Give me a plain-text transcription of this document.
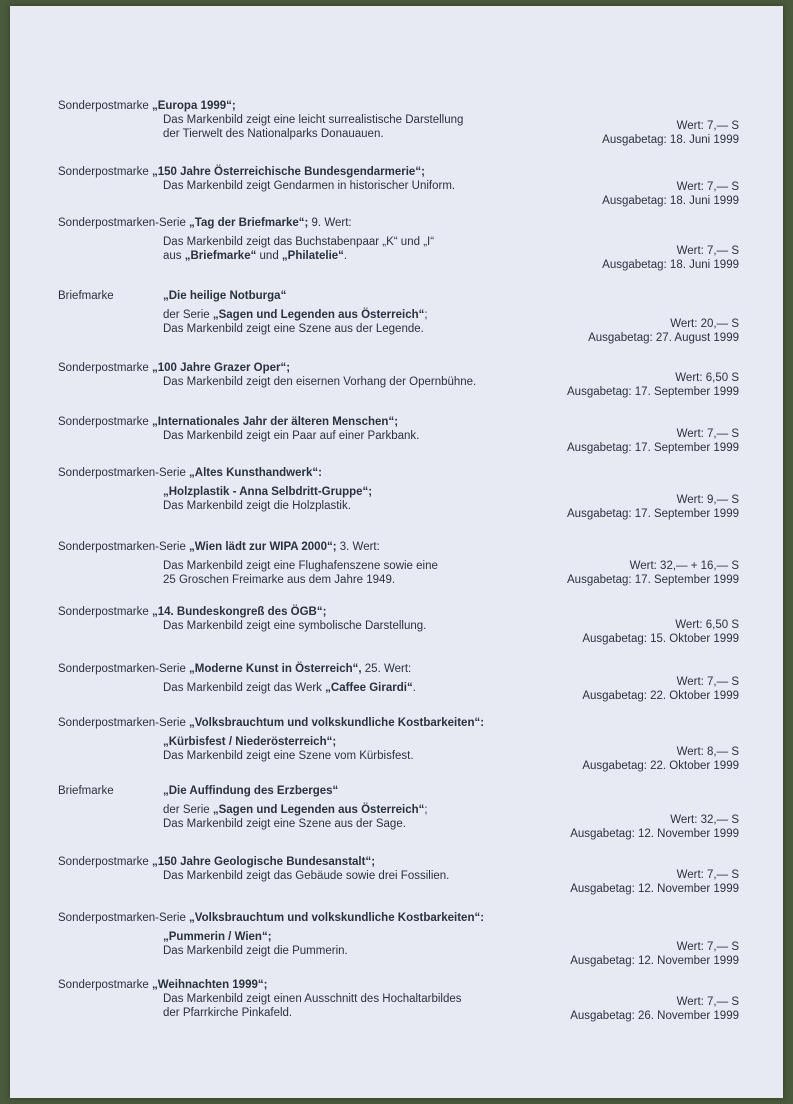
Sonderpostmarke „Europa 1999“;
Das Markenbild zeigt eine leicht surrealistische Darstellung
der Tierwelt des Nationalparks Donauauen.
Wert: 7,— S
Ausgabetag: 18. Juni 1999
Sonderpostmarke „150 Jahre Österreichische Bundesgendarmerie“;
Das Markenbild zeigt Gendarmen in historischer Uniform.	Wert: 7,— S
Ausgabetag: 18. Juni 1999
Sonderpostmarken-Serie „Tag der Briefmarke“; 9. Wert:
Das Markenbild zeigt das Buchstabenpaar „K“ und „I“
aus „Briefmarke“ und „Philatelie“.	Wert: 7,— S
Ausgabetag: 18. Juni 1999
Briefmarke	„Die heilige Notburga“
der Serie „Sagen und Legenden aus Österreich“;
Das Markenbild zeigt eine Szene aus der Legende.	Wert: 20,— S
Ausgabetag: 27. August 1999
Sonderpostmarke „100 Jahre Grazer Oper“;
Das Markenbild zeigt den eisernen Vorhang der Opernbühne.	Wert: 6,50 S
Ausgabetag: 17. September 1999
Sonderpostmarke „Internationales Jahr der älteren Menschen“;
Das Markenbild zeigt ein Paar auf einer Parkbank.	Wert: 7,— S
Ausgabetag: 17. September 1999
Sonderpostmarken-Serie „Altes Kunsthandwerk“:
„Holzplastik - Anna Selbdritt-Gruppe“;
Das Markenbild zeigt die Holzplastik.	Wert: 9,— S
Ausgabetag: 17. September 1999
Sonderpostmarken-Serie „Wien lädt zur WIPA 2000“; 3. Wert:
Das Markenbild zeigt eine Flughafenszene sowie eine
25 Groschen Freimarke aus dem Jahre 1949.
Wert: 32,— + 16,— S
Ausgabetag: 17. September 1999
Sonderpostmarke „14. Bundeskongreß des ÖGB“;
Das Markenbild zeigt eine symbolische Darstellung.	Wert: 6,50 S
Ausgabetag: 15. Oktober 1999
Sonderpostmarken-Serie „Moderne Kunst in Österreich“, 25. Wert:
Das Markenbild zeigt das Werk „Caffee Girardi“.	Wert: 7,— S
Ausgabetag: 22. Oktober 1999
Sonderpostmarken-Serie „Volksbrauchtum und volkskundliche Kostbarkeiten“:
„Kürbisfest / Niederösterreich“;
Das Markenbild zeigt eine Szene vom Kürbisfest.	Wert: 8,— S
Ausgabetag: 22. Oktober 1999
Briefmarke	„Die Auffindung des Erzberges“
der Serie „Sagen und Legenden aus Österreich“;
Das Markenbild zeigt eine Szene aus der Sage.	Wert: 32,— S
Ausgabetag: 12. November 1999
Sonderpostmarke „150 Jahre Geologische Bundesanstalt“;
Das Markenbild zeigt das Gebäude sowie drei Fossilien.	Wert: 7,— S
Ausgabetag: 12. November 1999
Sonderpostmarken-Serie „Volksbrauchtum und volkskundliche Kostbarkeiten“:
„Pummerin / Wien“;
Das Markenbild zeigt die Pummerin.	Wert: 7,— S
Ausgabetag: 12. November 1999
Sonderpostmarke „Weihnachten 1999“;
Das Markenbild zeigt einen Ausschnitt des Hochaltarbildes
der Pfarrkirche Pinkafeld.
Wert: 7,— S
Ausgabetag: 26. November 1999
